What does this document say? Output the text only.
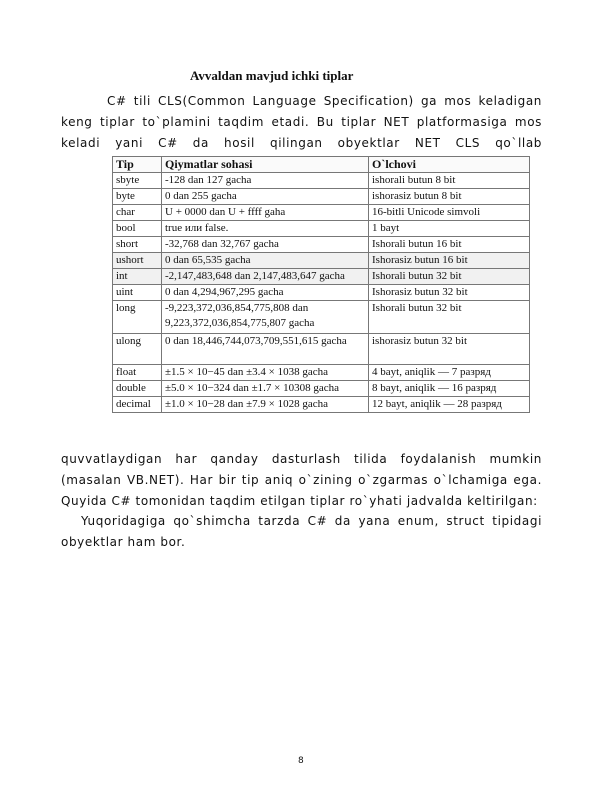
Avvaldan mavjud ichki tiplar
C# tili CLS(Common Language Specification) ga mos keladigan keng tiplar to`plamini taqdim etadi. Bu tiplar NET platformasiga mos keladi yani C# da hosil qilingan obyektlar NET CLS qo`llab
Tip	Qiymatlar sohasi	O`lchovi
sbyte	-128 dan 127 gacha	ishorali butun 8 bit
byte	0 dan 255 gacha	ishorasiz butun 8 bit
char	U + 0000 dan U + ffff gaha	16-bitli Unicode simvoli
bool	true или false.	1 bayt
short	-32,768 dan 32,767 gacha	Ishorali butun 16 bit
ushort	0 dan 65,535 gacha	Ishorasiz butun 16 bit
int	-2,147,483,648 dan 2,147,483,647 gacha	Ishorali butun 32 bit
uint	0 dan 4,294,967,295 gacha	Ishorasiz butun 32 bit
long	-9,223,372,036,854,775,808 dan 9,223,372,036,854,775,807 gacha	Ishorali butun 32 bit
ulong	0 dan 18,446,744,073,709,551,615 gacha	ishorasiz butun 32 bit
float	±1.5 × 10−45 dan ±3.4 × 1038 gacha	4 bayt, aniqlik — 7 разряд
double	±5.0 × 10−324 dan ±1.7 × 10308 gacha	8 bayt, aniqlik — 16 разряд
decimal	±1.0 × 10−28 dan ±7.9 × 1028 gacha	12 bayt, aniqlik — 28 разряд
quvvatlaydigan har qanday dasturlash tilida foydalanish mumkin (masalan VB.NET). Har bir tip aniq o`zining o`zgarmas o`lchamiga ega. Quyida C# tomonidan taqdim etilgan tiplar ro`yhati jadvalda keltirilgan:
Yuqoridagiga qo`shimcha tarzda C# da yana enum, struct tipidagi obyektlar ham bor.
8
